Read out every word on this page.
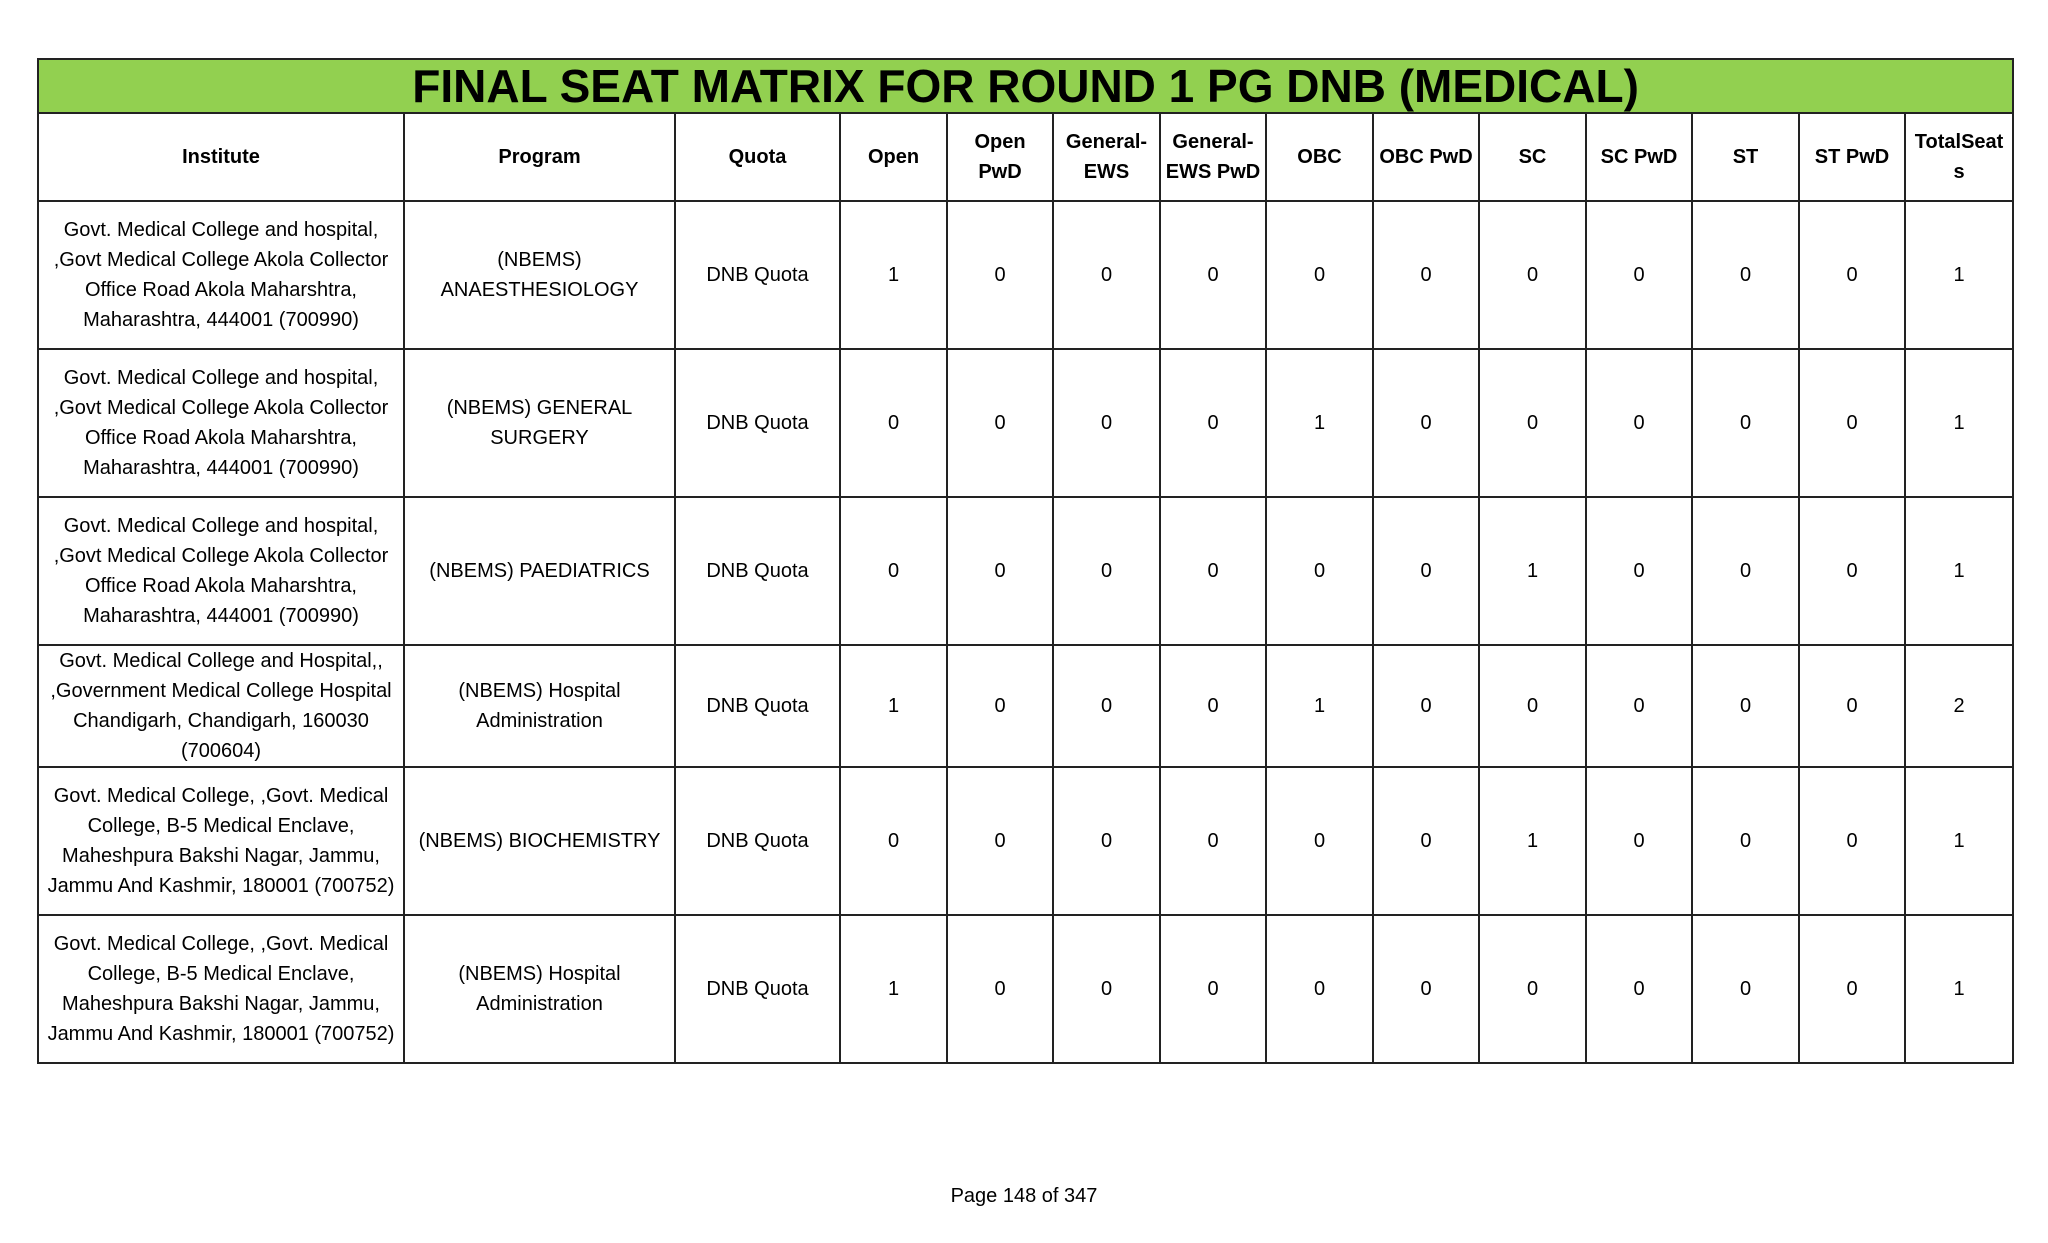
FINAL SEAT MATRIX FOR ROUND 1 PG DNB (MEDICAL)													
Institute	Program	Quota	Open	Open PwD	General-EWS	General-EWS PwD	OBC	OBC PwD	SC	SC PwD	ST	ST PwD	TotalSeats
Govt. Medical College and hospital, ,Govt Medical College Akola Collector Office Road Akola Maharshtra, Maharashtra, 444001 (700990)	(NBEMS) ANAESTHESIOLOGY	DNB Quota	1	0	0	0	0	0	0	0	0	0	1
Govt. Medical College and hospital, ,Govt Medical College Akola Collector Office Road Akola Maharshtra, Maharashtra, 444001 (700990)	(NBEMS) GENERAL SURGERY	DNB Quota	0	0	0	0	1	0	0	0	0	0	1
Govt. Medical College and hospital, ,Govt Medical College Akola Collector Office Road Akola Maharshtra, Maharashtra, 444001 (700990)	(NBEMS) PAEDIATRICS	DNB Quota	0	0	0	0	0	0	1	0	0	0	1
Govt. Medical College and Hospital,, ,Government Medical College Hospital Chandigarh, Chandigarh, 160030 (700604)	(NBEMS) Hospital Administration	DNB Quota	1	0	0	0	1	0	0	0	0	0	2
Govt. Medical College, ,Govt. Medical College, B-5 Medical Enclave, Maheshpura Bakshi Nagar, Jammu, Jammu And Kashmir, 180001 (700752)	(NBEMS) BIOCHEMISTRY	DNB Quota	0	0	0	0	0	0	1	0	0	0	1
Govt. Medical College, ,Govt. Medical College, B-5 Medical Enclave, Maheshpura Bakshi Nagar, Jammu, Jammu And Kashmir, 180001 (700752)	(NBEMS) Hospital Administration	DNB Quota	1	0	0	0	0	0	0	0	0	0	1
Page 148 of 347
